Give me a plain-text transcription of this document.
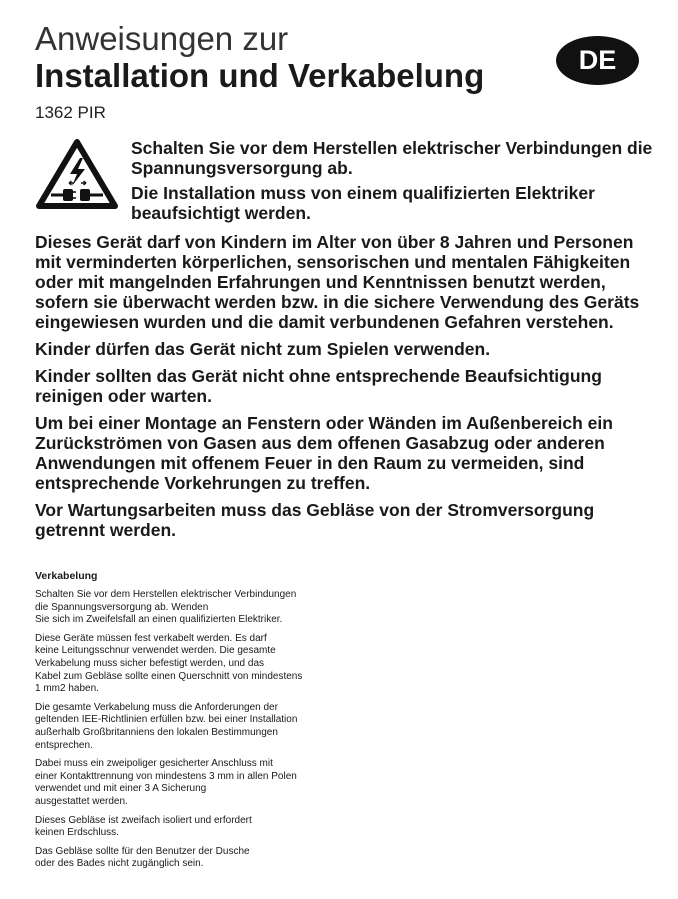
Anweisungen zur
Installation und Verkabelung	DE
1362 PIR

Schalten Sie vor dem Herstellen elektrischer Verbindungen die Spannungsversorgung ab.

Die Installation muss von einem qualifizierten Elektriker beaufsichtigt werden.

Dieses Gerät darf von Kindern im Alter von über 8 Jahren und Personen mit verminderten körperlichen, sensorischen und mentalen Fähigkeiten oder mit mangelnden Erfahrungen und Kenntnissen benutzt werden, sofern sie überwacht werden bzw. in die sichere Verwendung des Geräts eingewiesen wurden und die damit verbundenen Gefahren verstehen.

Kinder dürfen das Gerät nicht zum Spielen verwenden.

Kinder sollten das Gerät nicht ohne entsprechende Beaufsichtigung reinigen oder warten.

Um bei einer Montage an Fenstern oder Wänden im Außenbereich ein Zurückströmen von Gasen aus dem offenen Gasabzug oder anderen Anwendungen mit offenem Feuer in den Raum zu vermeiden, sind entsprechende Vorkehrungen zu treffen.

Vor Wartungsarbeiten muss das Gebläse von der Stromversorgung getrennt werden.

Verkabelung

Schalten Sie vor dem Herstellen elektrischer Verbindungen
die Spannungsversorgung ab. Wenden
Sie sich im Zweifelsfall an einen qualifizierten Elektriker.

Diese Geräte müssen fest verkabelt werden. Es darf
keine Leitungsschnur verwendet werden. Die gesamte
Verkabelung muss sicher befestigt werden, und das
Kabel zum Gebläse sollte einen Querschnitt von mindestens
1 mm2 haben.

Die gesamte Verkabelung muss die Anforderungen der
geltenden IEE-Richtlinien erfüllen bzw. bei einer Installation
außerhalb Großbritanniens den lokalen Bestimmungen
entsprechen.

Dabei muss ein zweipoliger gesicherter Anschluss mit
einer Kontakttrennung von mindestens 3 mm in allen Polen
verwendet und mit einer 3 A Sicherung
ausgestattet werden.

Dieses Gebläse ist zweifach isoliert und erfordert
keinen Erdschluss.

Das Gebläse sollte für den Benutzer der Dusche
oder des Bades nicht zugänglich sein.
